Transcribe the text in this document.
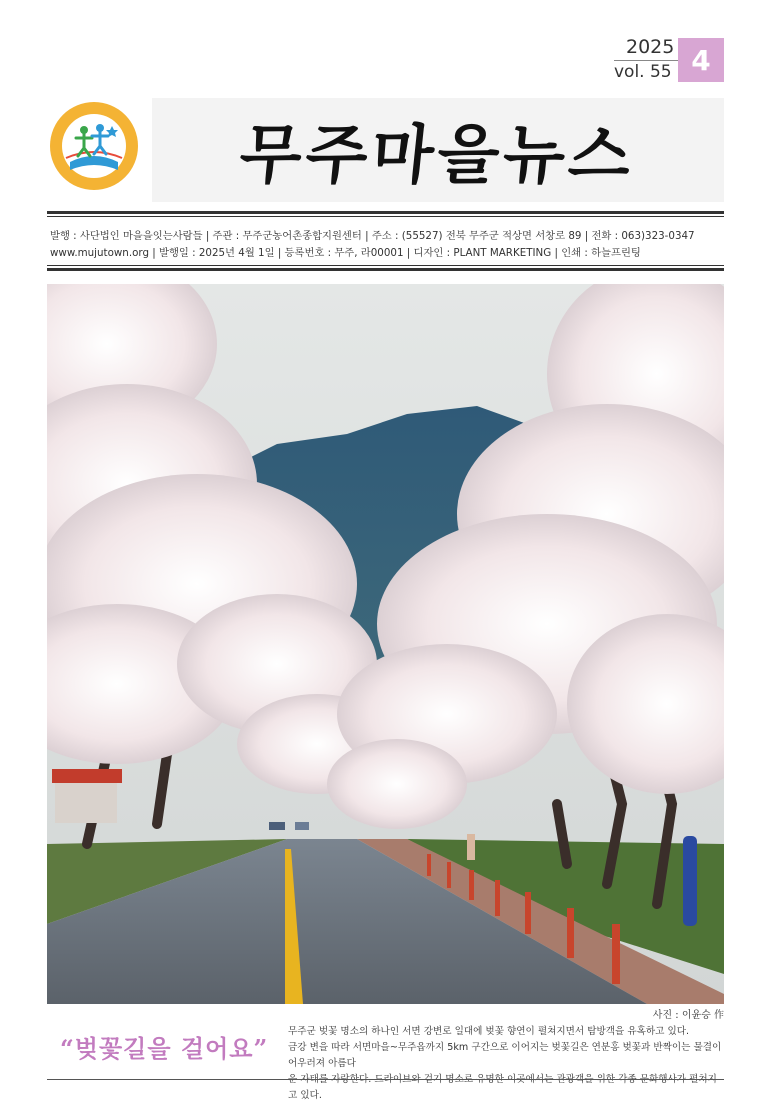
2025
vol. 55 4
무주마을뉴스
발행 : 사단법인 마을을잇는사람들 | 주관 : 무주군농어촌종합지원센터 | 주소 : (55527) 전북 무주군 적상면 서창로 89 | 전화 : 063)323-0347
www.mujutown.org | 발행일 : 2025년 4월 1일 | 등록번호 : 무주, 라00001 | 디자인 : PLANT MARKETING | 인쇄 : 하늘프린팅
사진 : 이윤승 作
“벚꽃길을 걸어요”
무주군 벚꽃 명소의 하나인 서면 강변로 일대에 벚꽃 향연이 펼쳐지면서 탐방객을 유혹하고 있다.
금강 변을 따라 서면마을~무주읍까지 5km 구간으로 이어지는 벚꽃길은 연분홍 벚꽃과 반짝이는 물결이 어우러져 아름다
고 있다.
